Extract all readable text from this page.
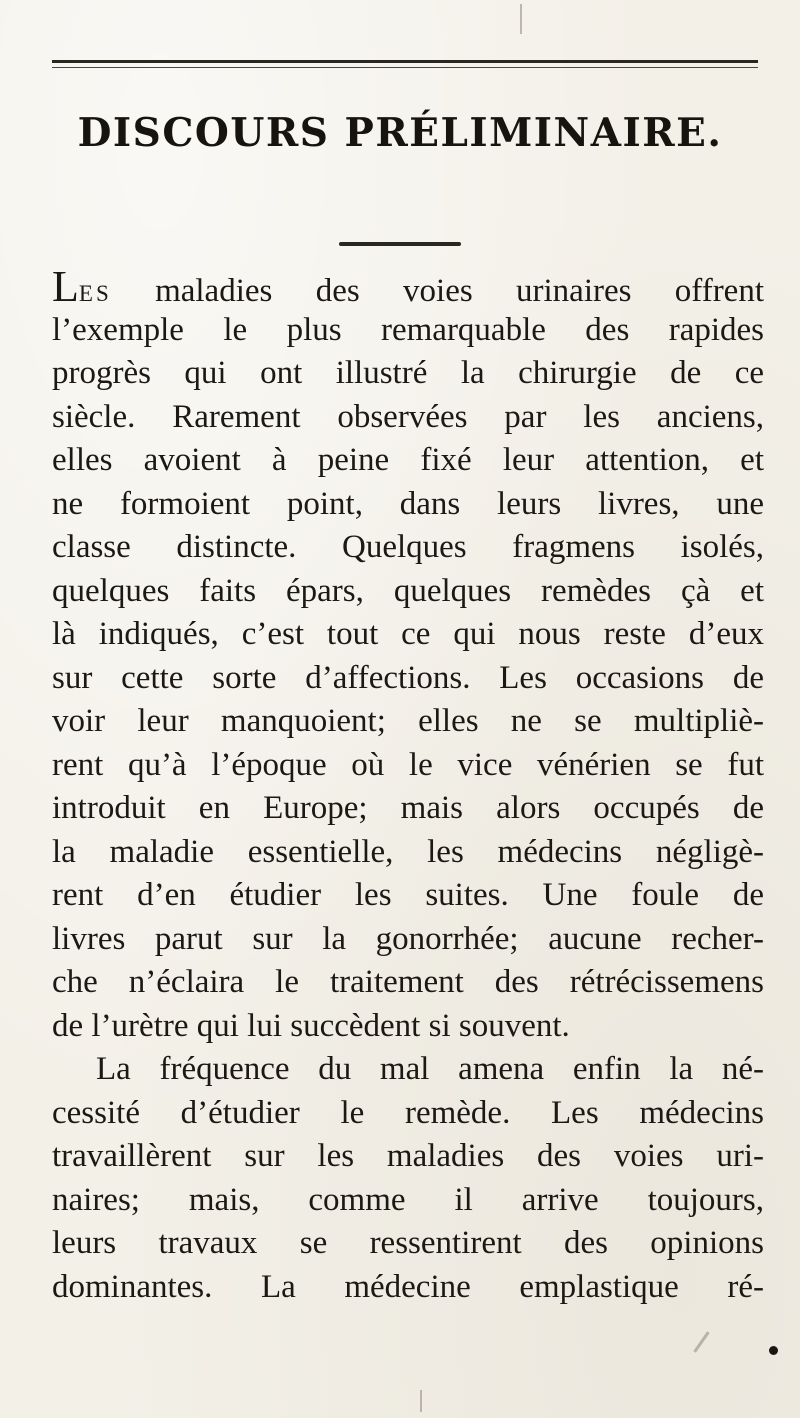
DISCOURS PRÉLIMINAIRE.
Les maladies des voies urinaires offrent
l’exemple le plus remarquable des rapides
progrès qui ont illustré la chirurgie de ce
siècle. Rarement observées par les anciens,
elles avoient à peine fixé leur attention, et
ne formoient point, dans leurs livres, une
classe distincte. Quelques fragmens isolés,
quelques faits épars, quelques remèdes çà et
là indiqués, c’est tout ce qui nous reste d’eux
sur cette sorte d’affections. Les occasions de
voir leur manquoient; elles ne se multipliè-
rent qu’à l’époque où le vice vénérien se fut
introduit en Europe; mais alors occupés de
la maladie essentielle, les médecins négligè-
rent d’en étudier les suites. Une foule de
livres parut sur la gonorrhée; aucune recher-
che n’éclaira le traitement des rétrécissemens
de l’urètre qui lui succèdent si souvent.
La fréquence du mal amena enfin la né-
cessité d’étudier le remède. Les médecins
travaillèrent sur les maladies des voies uri-
naires; mais, comme il arrive toujours,
leurs travaux se ressentirent des opinions
dominantes. La médecine emplastique ré-
